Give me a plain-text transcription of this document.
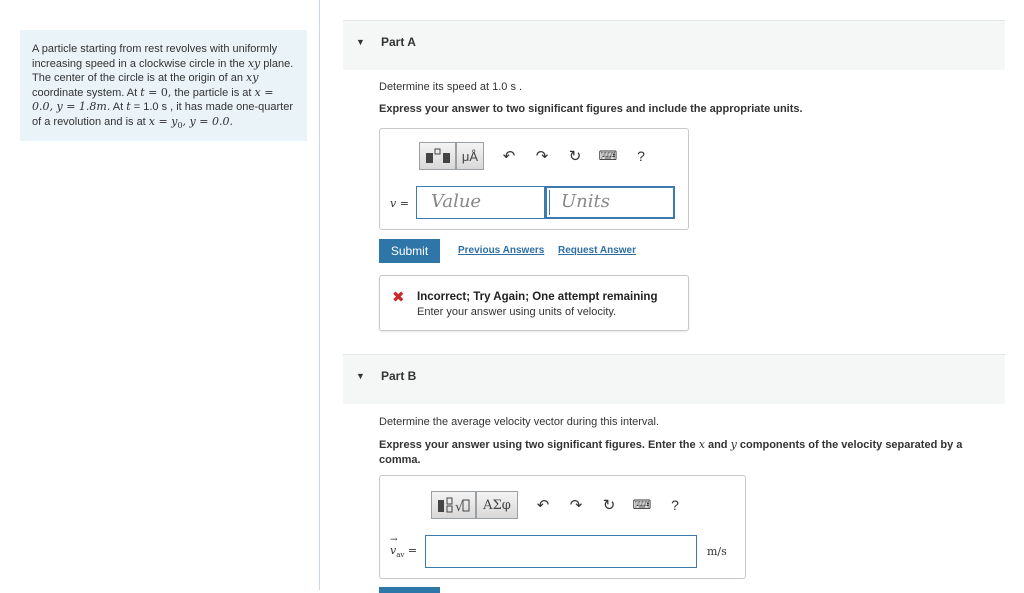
A particle starting from rest revolves with uniformly increasing speed in a clockwise circle in the xy plane. The center of the circle is at the origin of an xy coordinate system. At t = 0, the particle is at x = 0.0, y = 1.8m. At t = 1.0 s , it has made one-quarter of a revolution and is at $x = y_0$, y = 0.0.
▼ Part A
Determine its speed at 1.0 s .
Express your answer to two significant figures and include the appropriate units.
μÅ	↶	↷	↻	⌨	?
v =	Value	Units
Submit	Previous Answers Request Answer
✖ Incorrect; Try Again; One attempt remaining
Enter your answer using units of velocity.
▼ Part B
Determine the average velocity vector during this interval.
Express your answer using two significant figures. Enter the x and y components of the velocity separated by a
comma.
√ ΑΣφ	↶	↷	↻	⌨	?
→
$v_{av}$ =	m/s
